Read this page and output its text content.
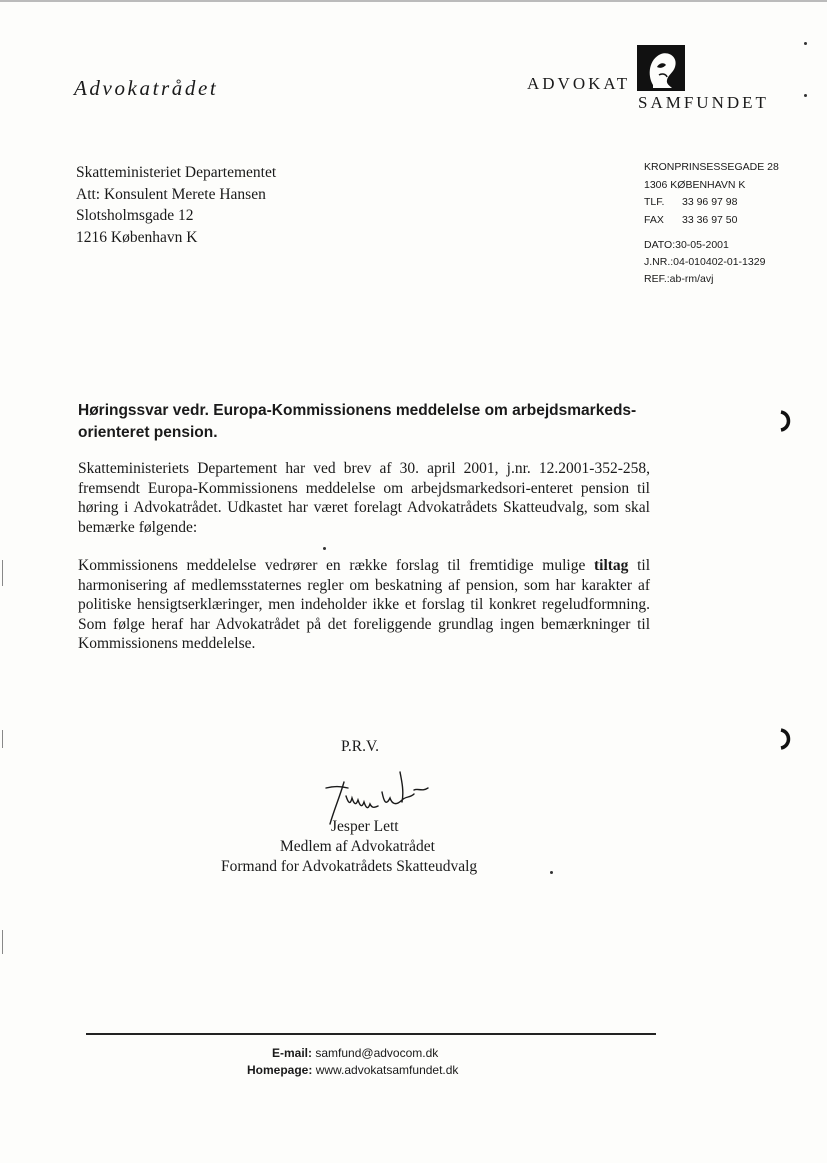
Advokatrådet	ADVOKAT
SAMFUNDET
Skatteministeriet Departementet
Att: Konsulent Merete Hansen
Slotsholmsgade 12
1216 København K
KRONPRINSESSEGADE 28
1306 KØBENHAVN K
TLF. 33 96 97 98
FAX 33 36 97 50
DATO:30-05-2001
J.NR.:04-010402-01-1329
REF.:ab-rm/avj
Høringssvar vedr. Europa-Kommissionens meddelelse om arbejdsmarkeds-orienteret pension.
Skatteministeriets Departement har ved brev af 30. april 2001, j.nr. 12.2001-352-258, fremsendt Europa-Kommissionens meddelelse om arbejdsmarkedsori-enteret pension til høring i Advokatrådet. Udkastet har været forelagt Advokatrådets Skatteudvalg, som skal bemærke følgende:
Kommissionens meddelelse vedrører en række forslag til fremtidige mulige tiltag til harmonisering af medlemsstaternes regler om beskatning af pension, som har karakter af politiske hensigtserklæringer, men indeholder ikke et forslag til konkret regeludformning. Som følge heraf har Advokatrådet på det foreliggende grundlag ingen bemærkninger til Kommissionens meddelelse.
P.R.V.
Jesper Lett
Medlem af Advokatrådet
Formand for Advokatrådets Skatteudvalg
E-mail: samfund@advocom.dk
Homepage: www.advokatsamfundet.dk
